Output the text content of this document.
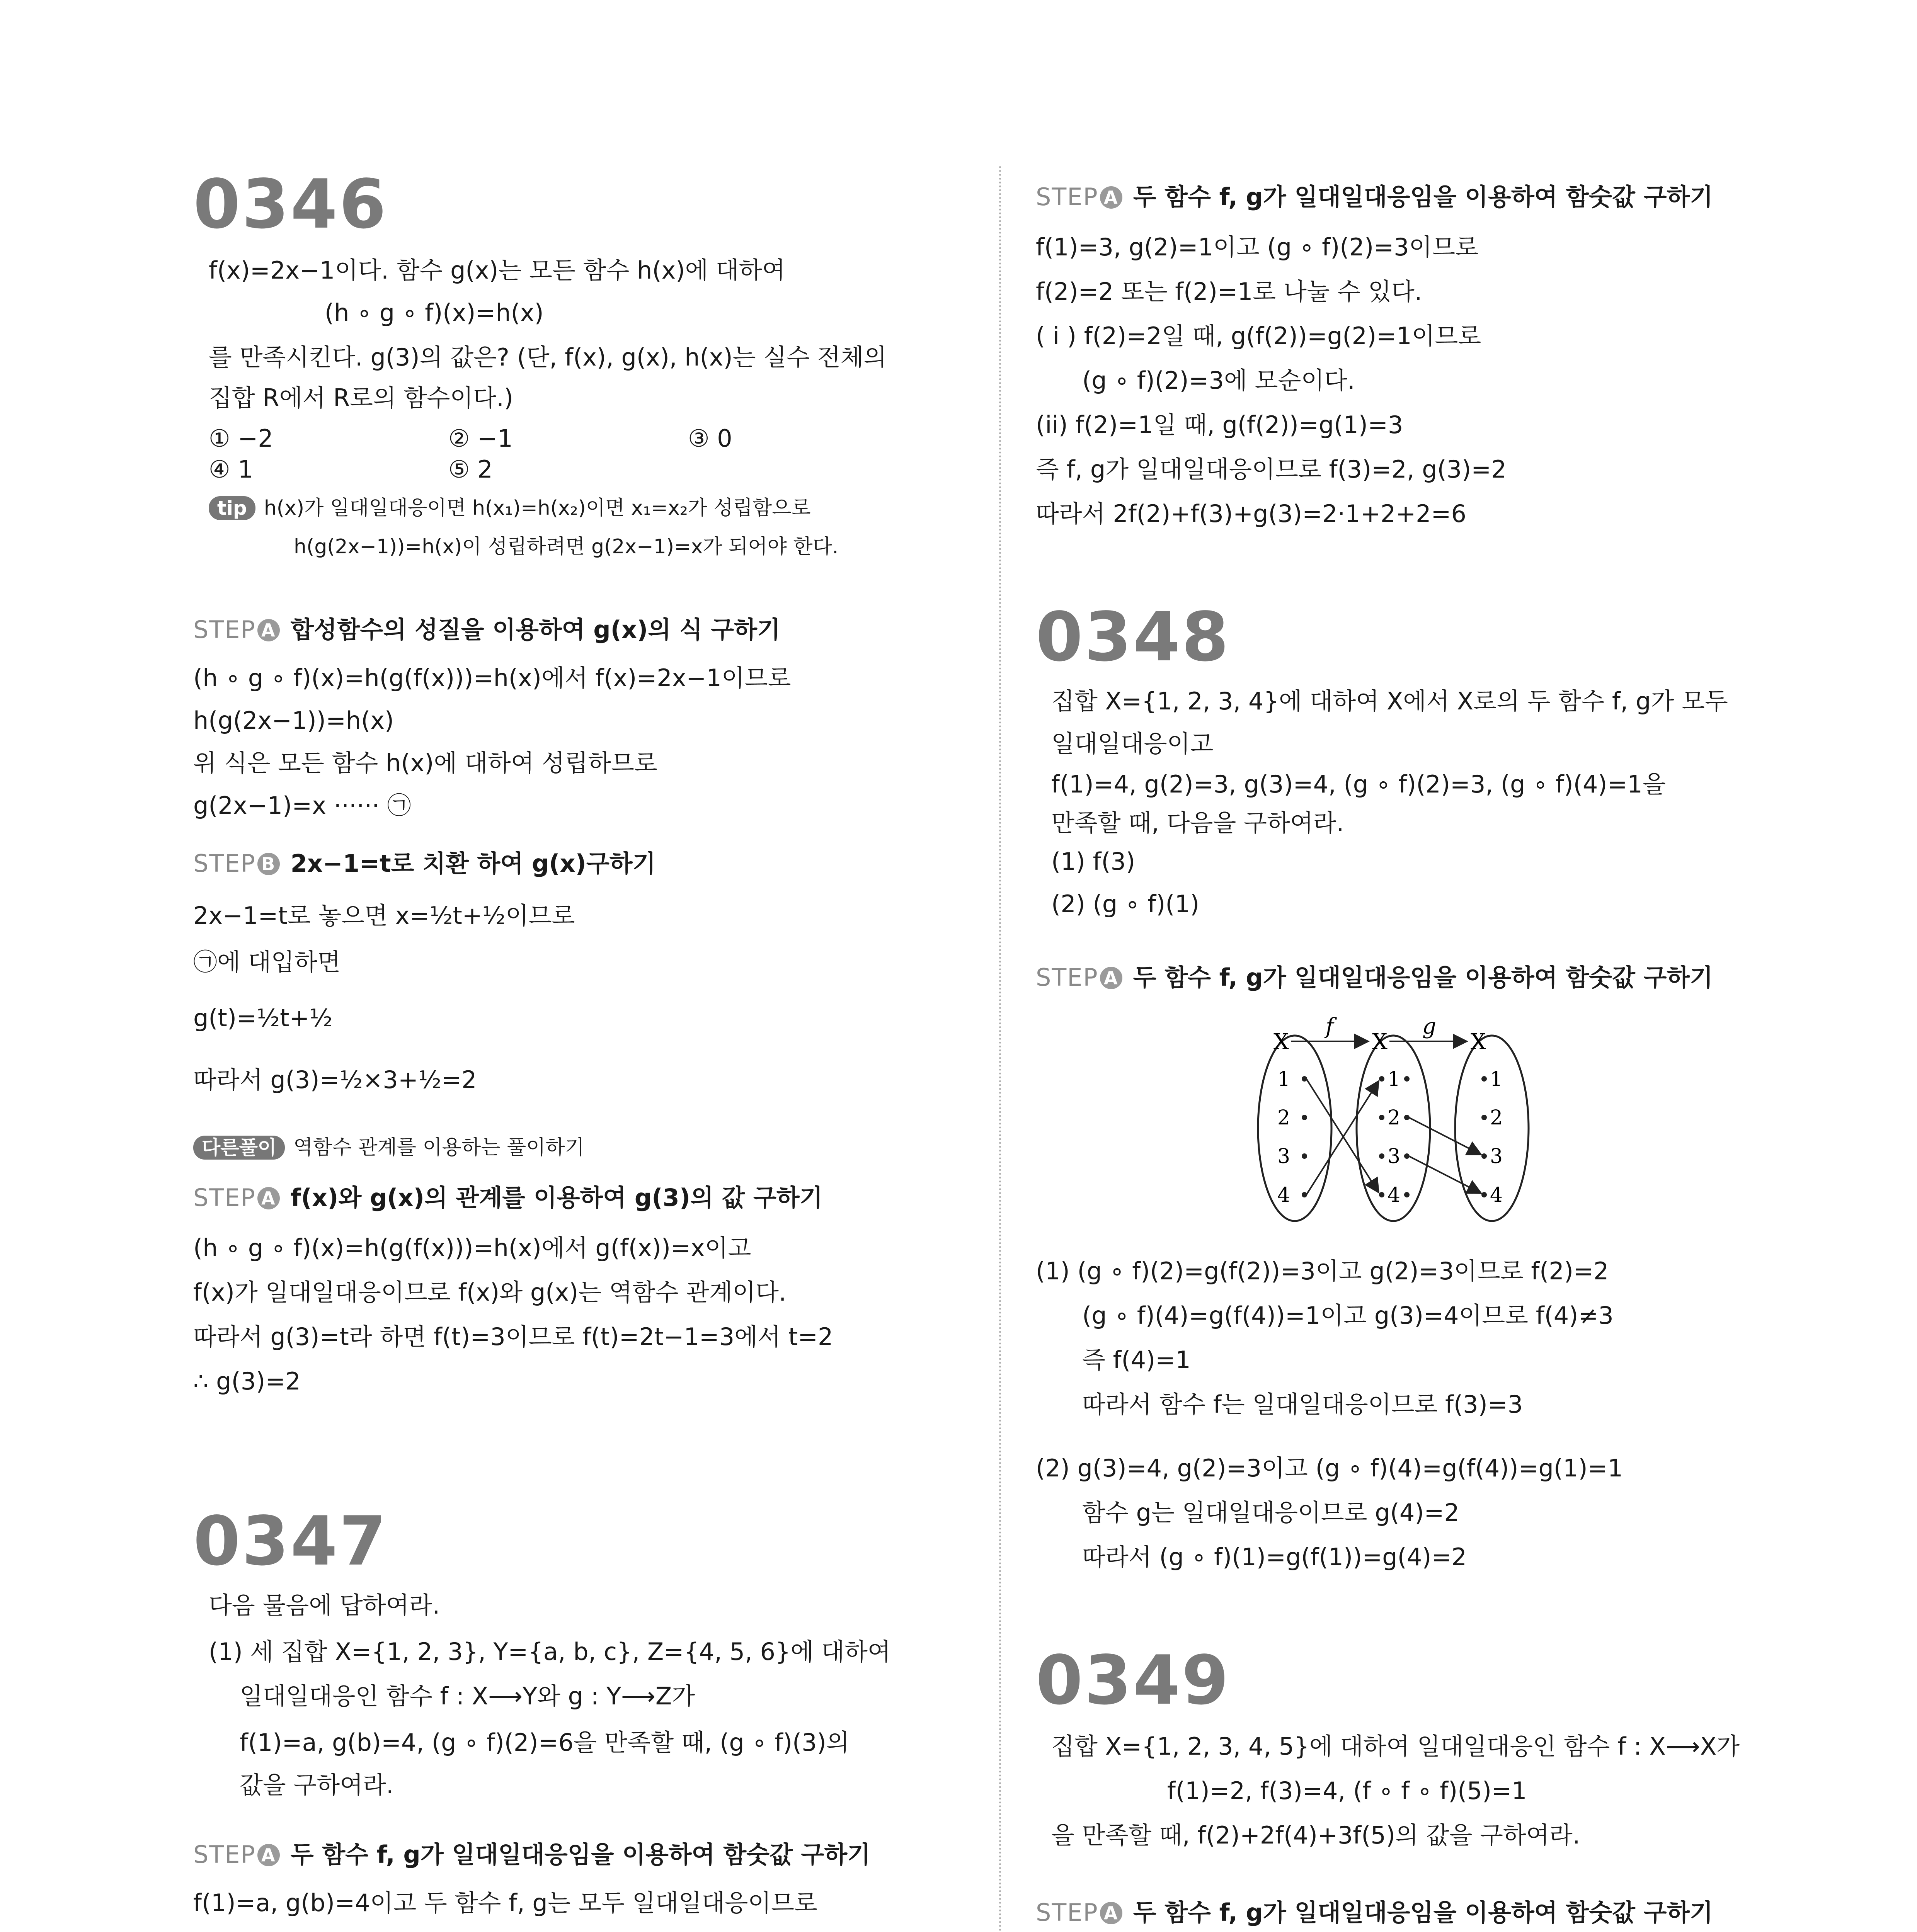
0346
f(x)=2x−1이다. 함수 g(x)는 모든 함수 h(x)에 대하여
(h ∘ g ∘ f)(x)=h(x)
를 만족시킨다. g(3)의 값은? (단, f(x), g(x), h(x)는 실수 전체의
집합 R에서 R로의 함수이다.)
① −2	② −1	③ 0
④ 1	⑤ 2
tip h(x)가 일대일대응이면 h(x₁)=h(x₂)이면 x₁=x₂가 성립함으로
h(g(2x−1))=h(x)이 성립하려면 g(2x−1)=x가 되어야 한다.
STEP A 합성함수의 성질을 이용하여 g(x)의 식 구하기
(h ∘ g ∘ f)(x)=h(g(f(x)))=h(x)에서 f(x)=2x−1이므로
h(g(2x−1))=h(x)
위 식은 모든 함수 h(x)에 대하여 성립하므로
g(2x−1)=x ······ ㉠
STEP B 2x−1=t로 치환 하여 g(x)구하기
2x−1=t로 놓으면 x=½t+½이므로
㉠에 대입하면
g(t)=½t+½
따라서 g(3)=½×3+½=2
다른풀이 역함수 관계를 이용하는 풀이하기
STEP A f(x)와 g(x)의 관계를 이용하여 g(3)의 값 구하기
(h ∘ g ∘ f)(x)=h(g(f(x)))=h(x)에서 g(f(x))=x이고
f(x)가 일대일대응이므로 f(x)와 g(x)는 역함수 관계이다.
따라서 g(3)=t라 하면 f(t)=3이므로 f(t)=2t−1=3에서 t=2
∴ g(3)=2
0347
다음 물음에 답하여라.
(1) 세 집합 X={1, 2, 3}, Y={a, b, c}, Z={4, 5, 6}에 대하여
일대일대응인 함수 f : X⟶Y와 g : Y⟶Z가
f(1)=a, g(b)=4, (g ∘ f)(2)=6을 만족할 때, (g ∘ f)(3)의
값을 구하여라.
STEP A 두 함수 f, g가 일대일대응임을 이용하여 함숫값 구하기
f(1)=a, g(b)=4이고 두 함수 f, g는 모두 일대일대응이므로
STEP A 두 함수 f, g가 일대일대응임을 이용하여 함숫값 구하기
f(1)=3, g(2)=1이고 (g ∘ f)(2)=3이므로
f(2)=2 또는 f(2)=1로 나눌 수 있다.
( i ) f(2)=2일 때, g(f(2))=g(2)=1이므로
(g ∘ f)(2)=3에 모순이다.
(ii) f(2)=1일 때, g(f(2))=g(1)=3
즉 f, g가 일대일대응이므로 f(3)=2, g(3)=2
따라서 2f(2)+f(3)+g(3)=2·1+2+2=6
0348
집합 X={1, 2, 3, 4}에 대하여 X에서 X로의 두 함수 f, g가 모두
일대일대응이고
f(1)=4, g(2)=3, g(3)=4, (g ∘ f)(2)=3, (g ∘ f)(4)=1을
만족할 때, 다음을 구하여라.
(1) f(3)
(2) (g ∘ f)(1)
STEP A 두 함수 f, g가 일대일대응임을 이용하여 함숫값 구하기
X	X	X
f	g
1
2
3
4
1
2
3
4
1
2
3
4
(1) (g ∘ f)(2)=g(f(2))=3이고 g(2)=3이므로 f(2)=2
(g ∘ f)(4)=g(f(4))=1이고 g(3)=4이므로 f(4)≠3
즉 f(4)=1
따라서 함수 f는 일대일대응이므로 f(3)=3
(2) g(3)=4, g(2)=3이고 (g ∘ f)(4)=g(f(4))=g(1)=1
함수 g는 일대일대응이므로 g(4)=2
따라서 (g ∘ f)(1)=g(f(1))=g(4)=2
0349
집합 X={1, 2, 3, 4, 5}에 대하여 일대일대응인 함수 f : X⟶X가
f(1)=2, f(3)=4, (f ∘ f ∘ f)(5)=1
을 만족할 때, f(2)+2f(4)+3f(5)의 값을 구하여라.
STEP A 두 함수 f, g가 일대일대응임을 이용하여 함숫값 구하기
